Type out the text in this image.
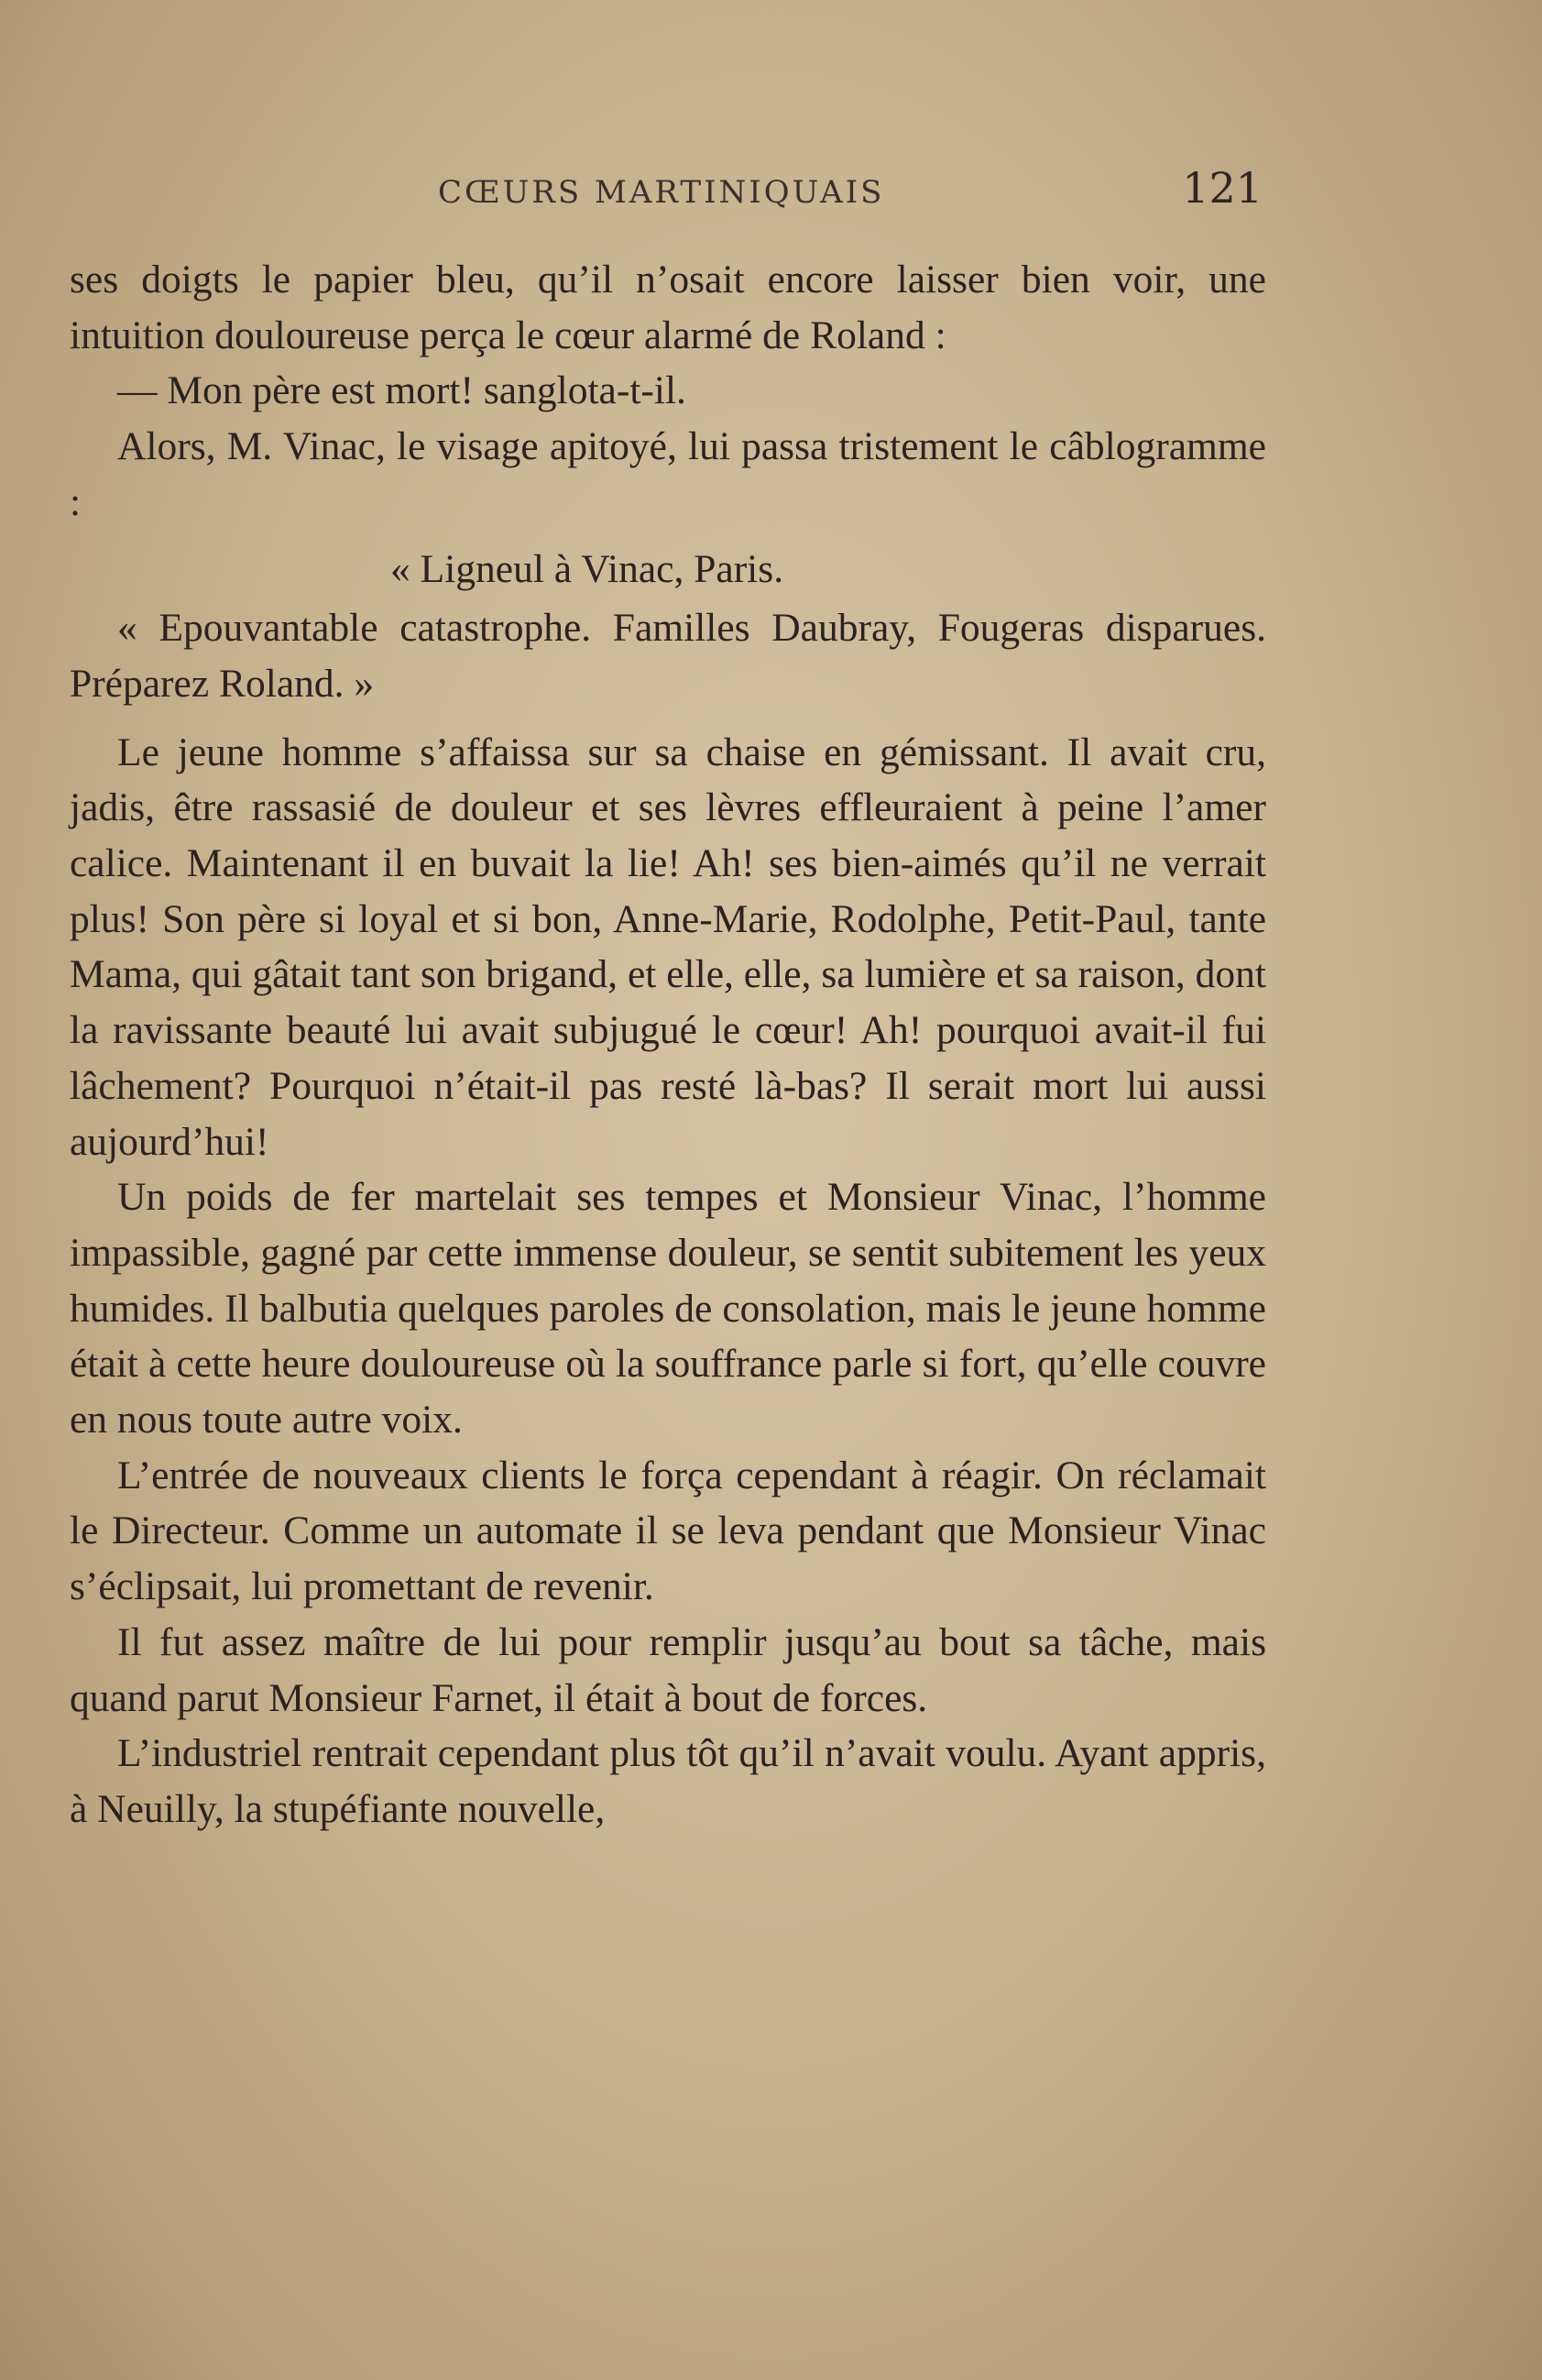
CŒURS MARTINIQUAIS	121

ses doigts le papier bleu, qu’il n’osait encore laisser bien voir, une intuition douloureuse perça le cœur alarmé de Roland :

— Mon père est mort! sanglota-t-il.

Alors, M. Vinac, le visage apitoyé, lui passa tristement le câblogramme :

« Ligneul à Vinac, Paris.

« Epouvantable catastrophe. Familles Daubray, Fougeras disparues. Préparez Roland. »

Le jeune homme s’affaissa sur sa chaise en gémissant. Il avait cru, jadis, être rassasié de douleur et ses lèvres effleuraient à peine l’amer calice. Maintenant il en buvait la lie! Ah! ses bien-aimés qu’il ne verrait plus! Son père si loyal et si bon, Anne-Marie, Rodolphe, Petit-Paul, tante Mama, qui gâtait tant son brigand, et elle, elle, sa lumière et sa raison, dont la ravissante beauté lui avait subjugué le cœur! Ah! pourquoi avait-il fui lâchement? Pourquoi n’était-il pas resté là-bas? Il serait mort lui aussi aujourd’hui!

Un poids de fer martelait ses tempes et Monsieur Vinac, l’homme impassible, gagné par cette immense douleur, se sentit subitement les yeux humides. Il balbutia quelques paroles de consolation, mais le jeune homme était à cette heure douloureuse où la souffrance parle si fort, qu’elle couvre en nous toute autre voix.

L’entrée de nouveaux clients le força cependant à réagir. On réclamait le Directeur. Comme un automate il se leva pendant que Monsieur Vinac s’éclipsait, lui promettant de revenir.

Il fut assez maître de lui pour remplir jusqu’au bout sa tâche, mais quand parut Monsieur Farnet, il était à bout de forces.

L’industriel rentrait cependant plus tôt qu’il n’avait voulu. Ayant appris, à Neuilly, la stupéfiante nouvelle,
